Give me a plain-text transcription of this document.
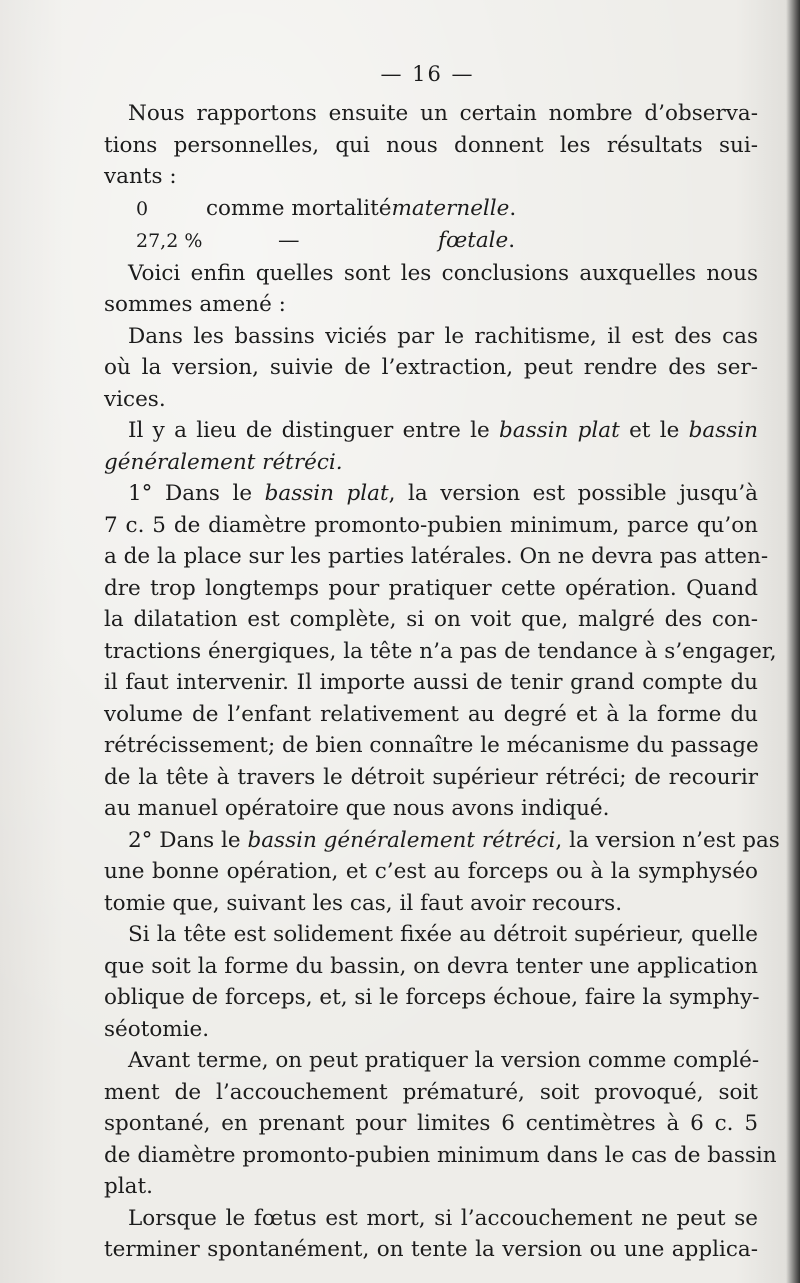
— 16 —
Nous rapportons ensuite un certain nombre d’observa-
tions personnelles, qui nous donnent les résultats sui-
vants :
0	comme mortalitématernelle.
27,2 %	—	fœtale.
Voici enfin quelles sont les conclusions auxquelles nous
sommes amené :
Dans les bassins viciés par le rachitisme, il est des cas
où la version, suivie de l’extraction, peut rendre des ser-
vices.
Il y a lieu de distinguer entre le bassin plat et le bassin
généralement rétréci.
1° Dans le bassin plat, la version est possible jusqu’à
7 c. 5 de diamètre promonto-pubien minimum, parce qu’on
a de la place sur les parties latérales. On ne devra pas atten-
dre trop longtemps pour pratiquer cette opération. Quand
la dilatation est complète, si on voit que, malgré des con-
tractions énergiques, la tête n’a pas de tendance à s’engager,
il faut intervenir. Il importe aussi de tenir grand compte du
volume de l’enfant relativement au degré et à la forme du
rétrécissement; de bien connaître le mécanisme du passage
de la tête à travers le détroit supérieur rétréci; de recourir
au manuel opératoire que nous avons indiqué.
2° Dans le bassin généralement rétréci, la version n’est pas
une bonne opération, et c’est au forceps ou à la symphyséo
tomie que, suivant les cas, il faut avoir recours.
Si la tête est solidement fixée au détroit supérieur, quelle
que soit la forme du bassin, on devra tenter une application
oblique de forceps, et, si le forceps échoue, faire la symphy-
séotomie.
Avant terme, on peut pratiquer la version comme complé-
ment de l’accouchement prématuré, soit provoqué, soit
spontané, en prenant pour limites 6 centimètres à 6 c. 5
de diamètre promonto-pubien minimum dans le cas de bassin
plat.
Lorsque le fœtus est mort, si l’accouchement ne peut se
terminer spontanément, on tente la version ou une applica-
